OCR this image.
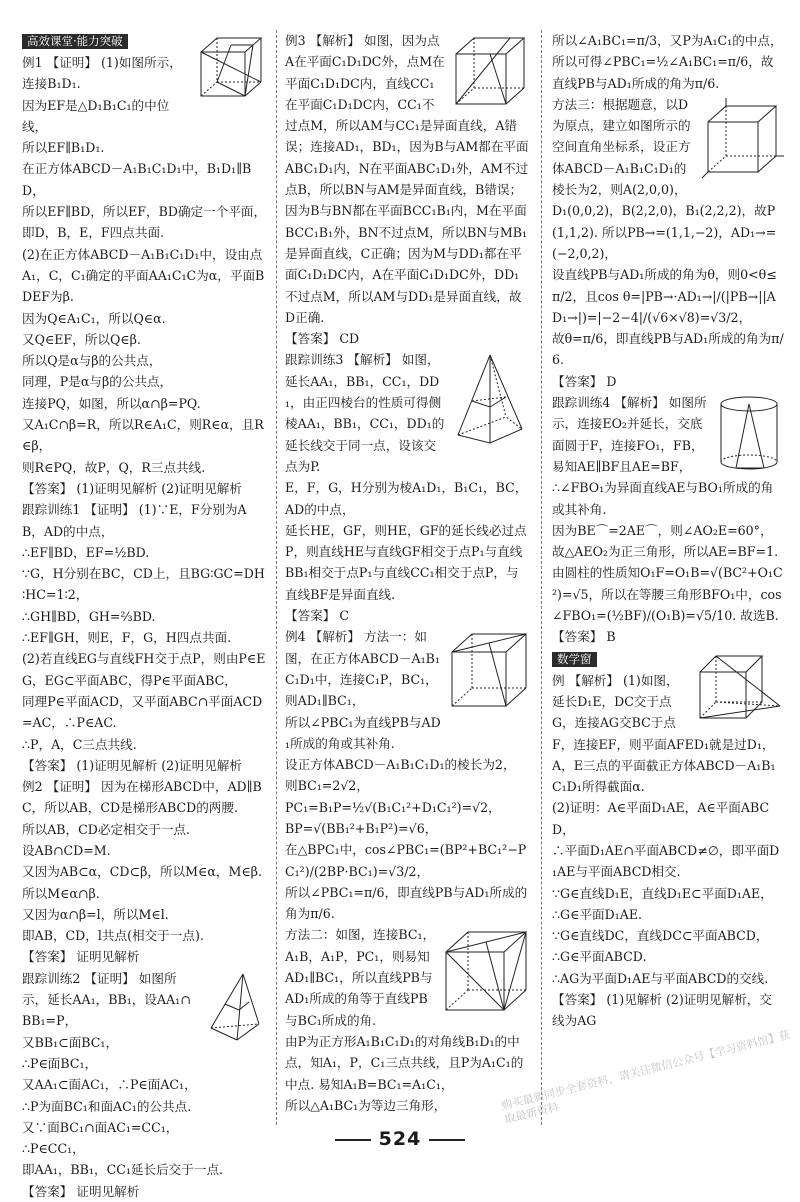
高效课堂·能力突破

例1 【证明】 (1)如图所示，连接B₁D₁.

因为EF是△D₁B₁C₁的中位线，

所以EF∥B₁D₁.

在正方体ABCD－A₁B₁C₁D₁中，B₁D₁∥BD，

所以EF∥BD，所以EF，BD确定一个平面，

即D，B，E，F四点共面.

(2)在正方体ABCD－A₁B₁C₁D₁中，设由点A₁，C，C₁确定的平面AA₁C₁C为α，平面BDEF为β.

因为Q∈A₁C₁，所以Q∈α.

又Q∈EF，所以Q∈β.

所以Q是α与β的公共点，

同理，P是α与β的公共点，

连接PQ，如图，所以α∩β=PQ.

又A₁C∩β=R，所以R∈A₁C，则R∈α，且R∈β，

则R∈PQ，故P，Q，R三点共线.

【答案】 (1)证明见解析 (2)证明见解析

跟踪训练1 【证明】 (1)∵E，F分别为AB，AD的中点，

∴EF∥BD，EF=½BD.

∵G，H分别在BC，CD上，且BG∶GC=DH∶HC=1∶2，

∴GH∥BD，GH=⅔BD.

∴EF∥GH，则E，F，G，H四点共面.

(2)若直线EG与直线FH交于点P，则由P∈EG，EG⊂平面ABC，得P∈平面ABC，

同理P∈平面ACD，又平面ABC∩平面ACD=AC，∴P∈AC.

∴P，A，C三点共线.

【答案】 (1)证明见解析 (2)证明见解析

例2 【证明】 因为在梯形ABCD中，AD∥BC，所以AB，CD是梯形ABCD的两腰.

所以AB，CD必定相交于一点.

设AB∩CD=M.

又因为AB⊂α，CD⊂β，所以M∈α，M∈β.

所以M∈α∩β.

又因为α∩β=l，所以M∈l.

即AB，CD，l共点(相交于一点).

【答案】 证明见解析

跟踪训练2 【证明】 如图所示，延长AA₁，BB₁，设AA₁∩BB₁=P，

又BB₁⊂面BC₁，

∴P∈面BC₁，

又AA₁⊂面AC₁，∴P∈面AC₁，

∴P为面BC₁和面AC₁的公共点.

又∵面BC₁∩面AC₁=CC₁，

∴P∈CC₁，

即AA₁，BB₁，CC₁延长后交于一点.

【答案】 证明见解析

例3 【解析】 如图，因为点A在平面C₁D₁DC外，点M在平面C₁D₁DC内，直线CC₁在平面C₁D₁DC内，CC₁不过点M，所以AM与CC₁是异面直线，A错误；连接AD₁，BD₁，因为B与AM都在平面ABC₁D₁内，N在平面ABC₁D₁外，AM不过点B，所以BN与AM是异面直线，B错误；因为B与BN都在平面BCC₁B₁内，M在平面BCC₁B₁外，BN不过点M，所以BN与MB₁是异面直线，C正确；因为M与DD₁都在平面C₁D₁DC内，A在平面C₁D₁DC外，DD₁不过点M，所以AM与DD₁是异面直线，故D正确.

【答案】 CD

跟踪训练3 【解析】 如图，延长AA₁，BB₁，CC₁，DD₁，由正四棱台的性质可得侧棱AA₁，BB₁，CC₁，DD₁的延长线交于同一点，设该交点为P.

E，F，G，H分别为棱A₁D₁，B₁C₁，BC，AD的中点，

延长HE，GF，则HE，GF的延长线必过点P，则直线HE与直线GF相交于点P₁与直线BB₁相交于点P₁与直线CC₁相交于点P，与直线BF是异面直线.

【答案】 C

例4 【解析】 方法一：如图，在正方体ABCD－A₁B₁C₁D₁中，连接C₁P，BC₁，则AD₁∥BC₁，

所以∠PBC₁为直线PB与AD₁所成的角或其补角.

设正方体ABCD－A₁B₁C₁D₁的棱长为2，

则BC₁=2√2，

PC₁=B₁P=½√(B₁C₁²+D₁C₁²)=√2，

BP=√(BB₁²+B₁P²)=√6，

在△BPC₁中，cos∠PBC₁=(BP²+BC₁²−PC₁²)/(2BP·BC₁)=√3/2，

所以∠PBC₁=π/6，即直线PB与AD₁所成的角为π/6.

方法二：如图，连接BC₁，A₁B，A₁P，PC₁，则易知AD₁∥BC₁，所以直线PB与AD₁所成的角等于直线PB与BC₁所成的角.

由P为正方形A₁B₁C₁D₁的对角线B₁D₁的中点，知A₁，P，C₁三点共线，且P为A₁C₁的中点. 易知A₁B=BC₁=A₁C₁，

所以△A₁BC₁为等边三角形，

所以∠A₁BC₁=π/3，又P为A₁C₁的中点，

所以可得∠PBC₁=½∠A₁BC₁=π/6，故直线PB与AD₁所成的角为π/6.

方法三：根据题意，以D为原点，建立如图所示的空间直角坐标系，设正方体ABCD－A₁B₁C₁D₁的棱长为2，则A(2,0,0)，D₁(0,0,2)，B(2,2,0)，B₁(2,2,2)，故P(1,1,2). 所以PB→=(1,1,−2)，AD₁→=(−2,0,2)，

设直线PB与AD₁所成的角为θ，则0<θ≤π/2，且cos θ=|PB→·AD₁→|/(|PB→||AD₁→|)=|−2−4|/(√6×√8)=√3/2，

故θ=π/6，即直线PB与AD₁所成的角为π/6.

【答案】 D

跟踪训练4 【解析】 如图所示，连接EO₂并延长，交底面圆于F，连接FO₁，FB，易知AE∥BF且AE=BF，

∴∠FBO₁为异面直线AE与BO₁所成的角或其补角.

因为BE⌒=2AE⌒，则∠AO₂E=60°，故△AEO₂为正三角形，所以AE=BF=1.

由圆柱的性质知O₁F=O₁B=√(BC²+O₁C²)=√5，所以在等腰三角形BFO₁中，cos∠FBO₁=(½BF)/(O₁B)=√5/10. 故选B.

【答案】 B

数学窗

例 【解析】 (1)如图，延长D₁E，DC交于点G，连接AG交BC于点F，连接EF，则平面AFED₁就是过D₁，A，E三点的平面截正方体ABCD－A₁B₁C₁D₁所得截面α.

(2)证明：A∈平面D₁AE，A∈平面ABCD，

∴平面D₁AE∩平面ABCD≠∅，即平面D₁AE与平面ABCD相交.

∵G∈直线D₁E，直线D₁E⊂平面D₁AE，

∴G∈平面D₁AE.

∵G∈直线DC，直线DC⊂平面ABCD，

∴G∈平面ABCD.

∴AG为平面D₁AE与平面ABCD的交线.

【答案】 (1)见解析 (2)证明见解析，交线为AG

购买最新同步全套资料，请关注微信公众号【学习资料馆】获取最新资料
524
